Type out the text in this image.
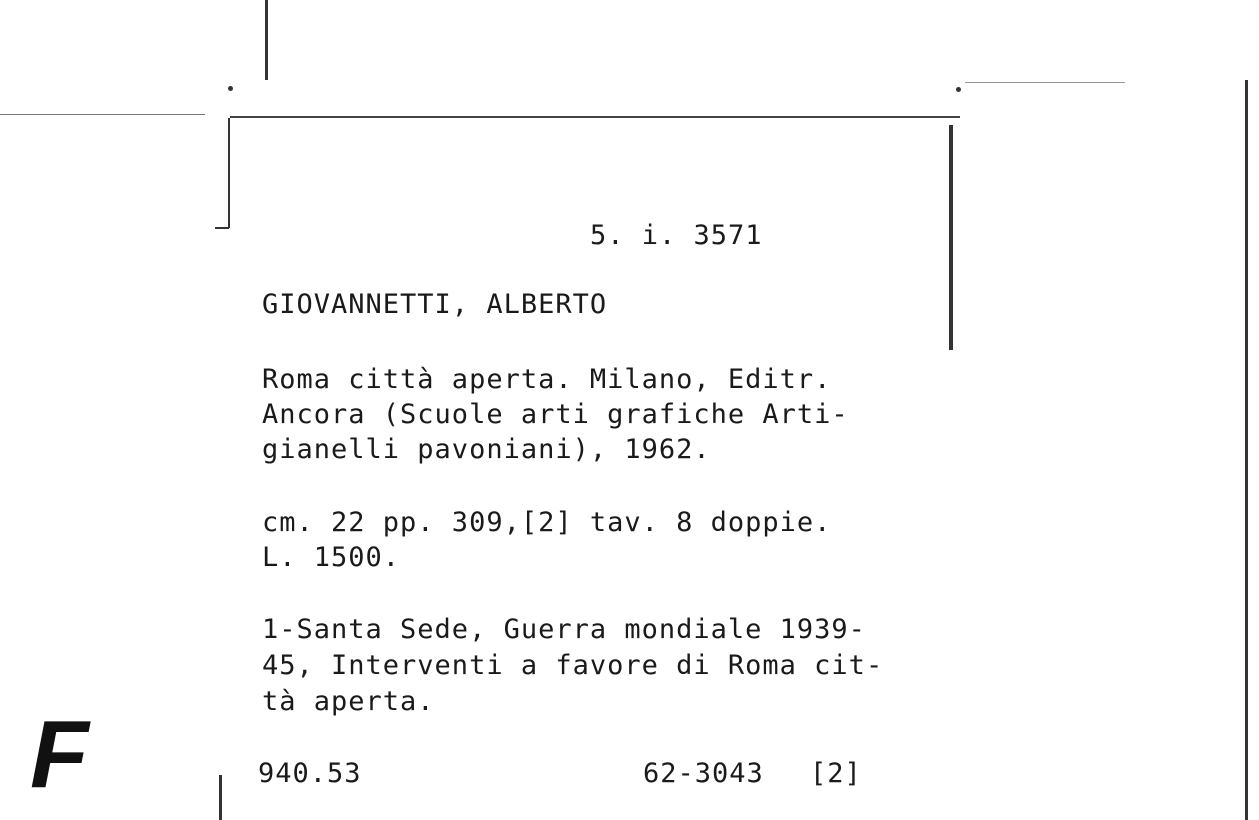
5. i. 3571
GIOVANNETTI, ALBERTO
Roma città aperta. Milano, Editr.
Ancora (Scuole arti grafiche Arti-
gianelli pavoniani), 1962.
cm. 22 pp. 309,[2] tav. 8 doppie.
L. 1500.
1-Santa Sede, Guerra mondiale 1939-
45, Interventi a favore di Roma cit-
tà aperta.
940.53	62-3043 [2]
F
